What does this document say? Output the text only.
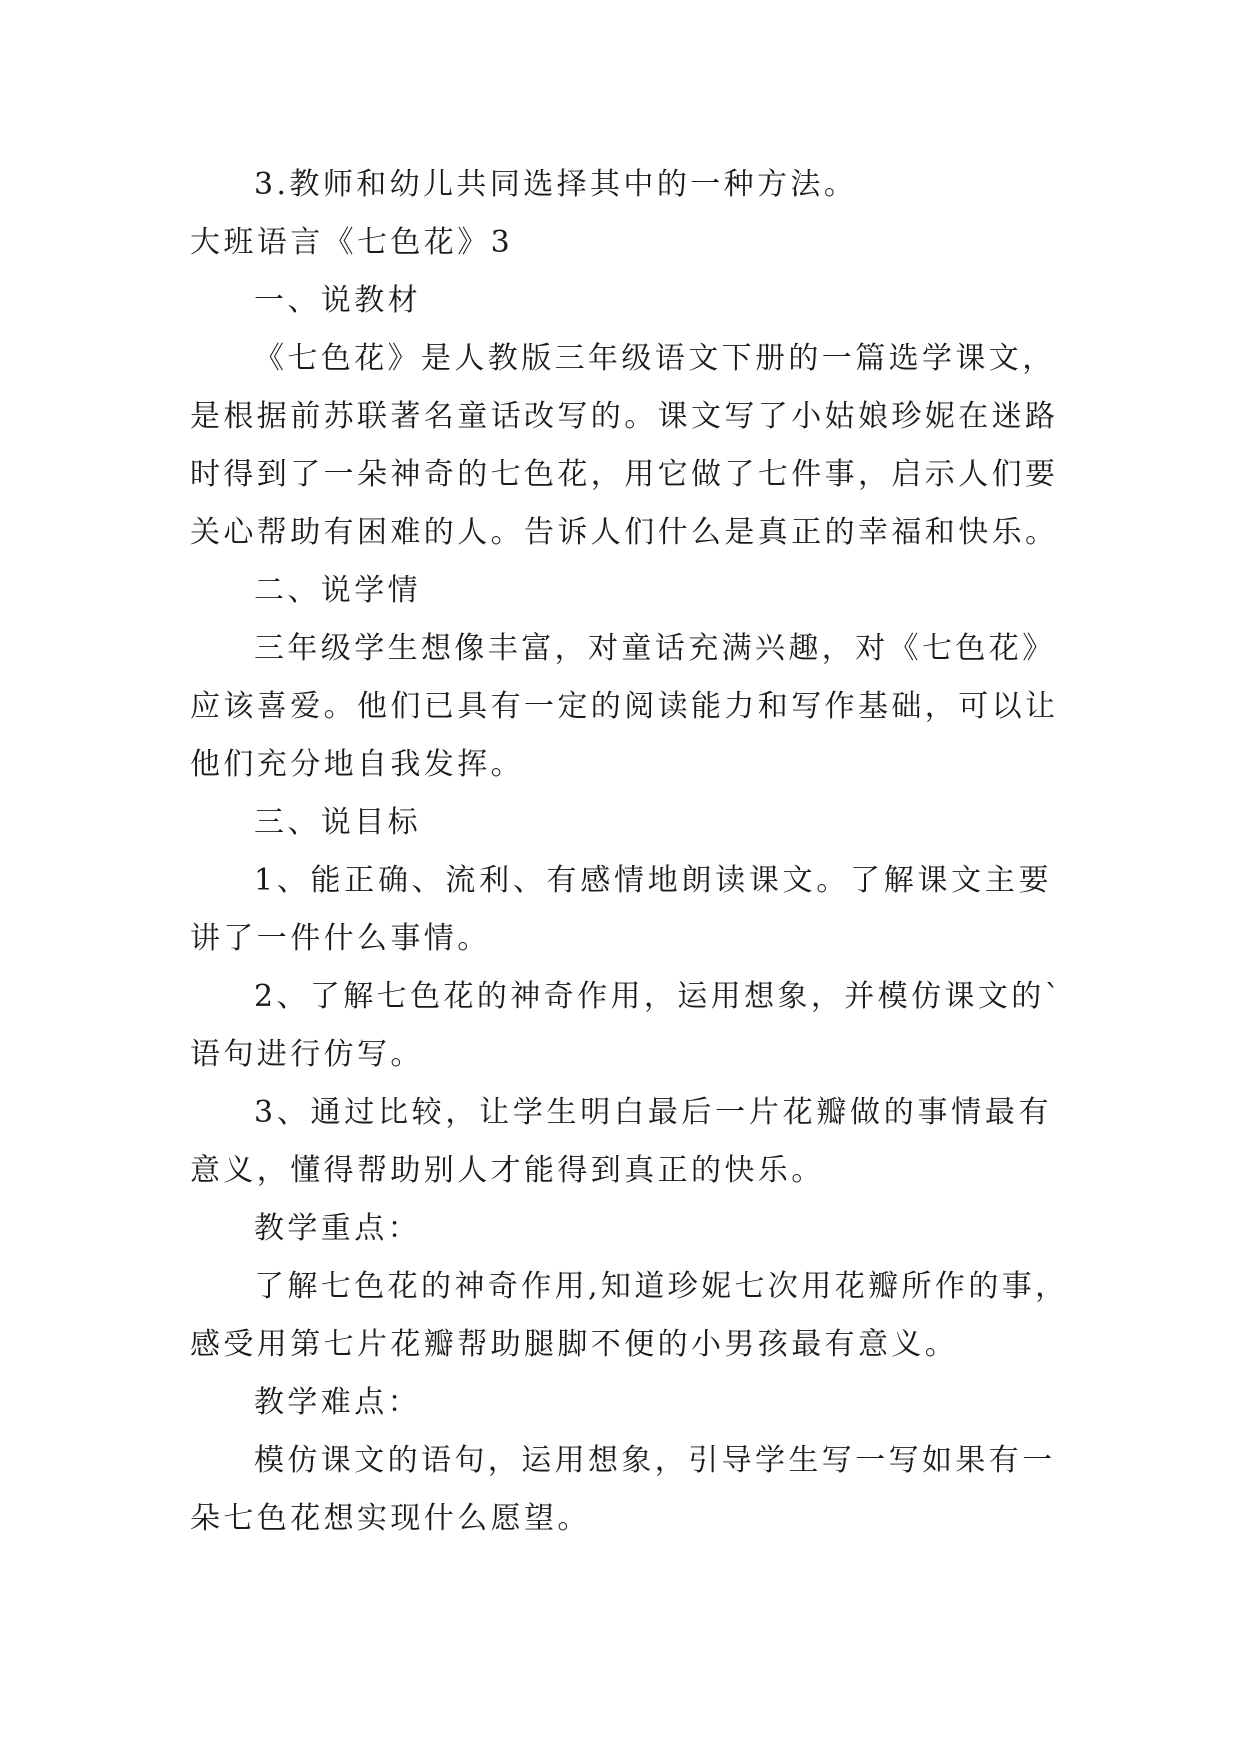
3.教师和幼儿共同选择其中的一种方法。
大班语言《七色花》3
一、说教材
《七色花》是人教版三年级语文下册的一篇选学课文，
是根据前苏联著名童话改写的。课文写了小姑娘珍妮在迷路
时得到了一朵神奇的七色花，用它做了七件事，启示人们要
关心帮助有困难的人。告诉人们什么是真正的幸福和快乐。
二、说学情
三年级学生想像丰富，对童话充满兴趣，对《七色花》
应该喜爱。他们已具有一定的阅读能力和写作基础，可以让
他们充分地自我发挥。
三、说目标
1、能正确、流利、有感情地朗读课文。了解课文主要
讲了一件什么事情。
2、了解七色花的神奇作用，运用想象，并模仿课文的`
语句进行仿写。
3、通过比较，让学生明白最后一片花瓣做的事情最有
意义，懂得帮助别人才能得到真正的快乐。
教学重点：
了解七色花的神奇作用,知道珍妮七次用花瓣所作的事，
感受用第七片花瓣帮助腿脚不便的小男孩最有意义。
教学难点：
模仿课文的语句，运用想象，引导学生写一写如果有一
朵七色花想实现什么愿望。
